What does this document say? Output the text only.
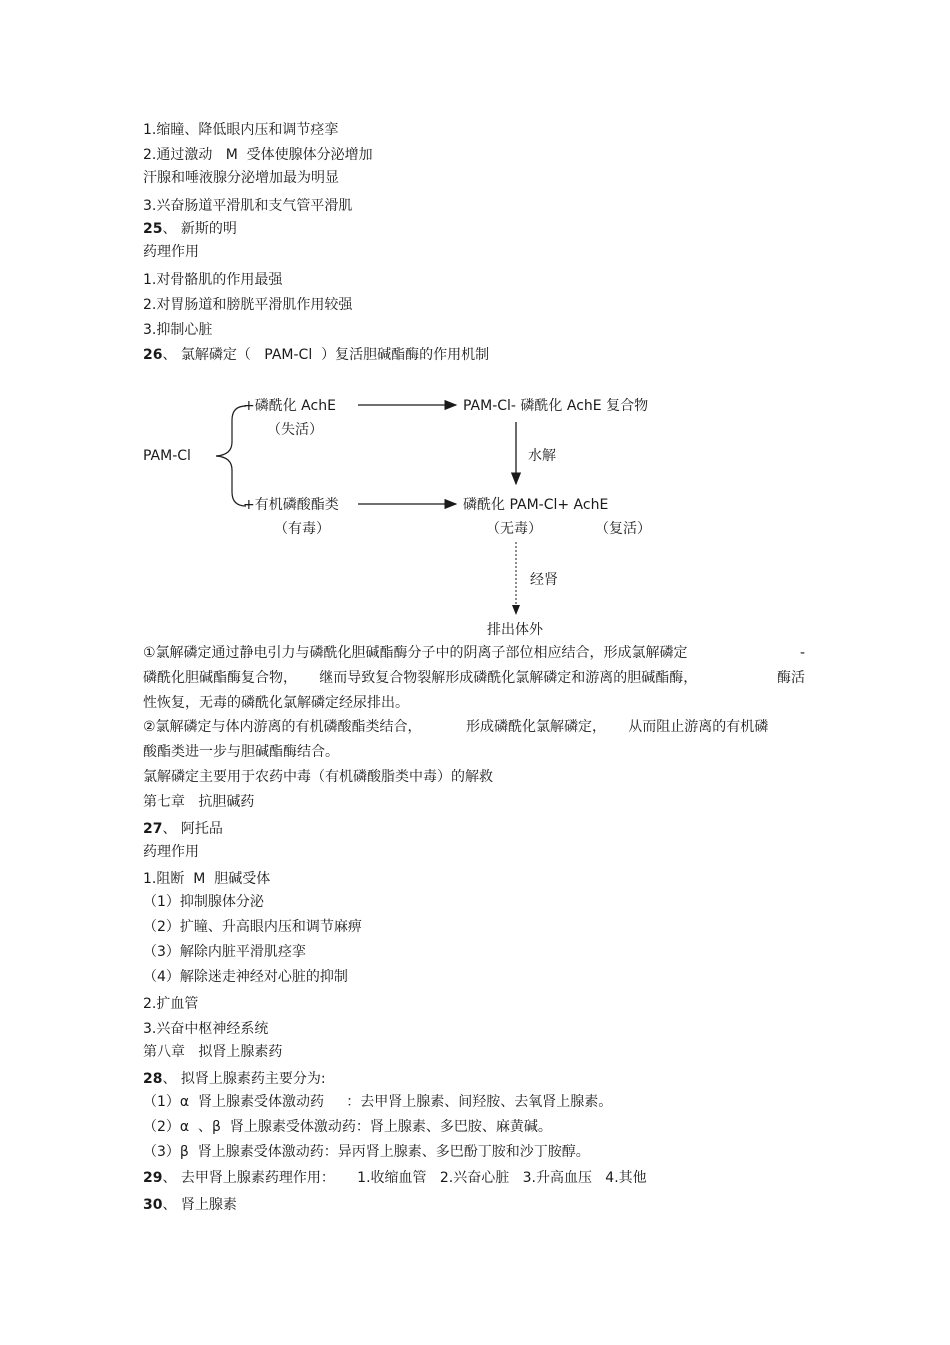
1.缩瞳、降低眼内压和调节痉挛
2.通过激动   M  受体使腺体分泌增加
汗腺和唾液腺分泌增加最为明显
3.兴奋肠道平滑肌和支气管平滑肌
25、 新斯的明
药理作用
1.对骨骼肌的作用最强
2.对胃肠道和膀胱平滑肌作用较强
3.抑制心脏
26、 氯解磷定（   PAM-Cl  ）复活胆碱酯酶的作用机制
PAM-Cl
+磷酰化 AchE
（失活）
PAM-Cl- 磷酰化 AchE 复合物
水解
+有机磷酸酯类
（有毒）
磷酰化 PAM-Cl+ AchE
（无毒）	（复活）
经肾
排出体外
①氯解磷定通过静电引力与磷酰化胆碱酯酶分子中的阴离子部位相应结合，形成氯解磷定	-
磷酰化胆碱酯酶复合物，     继而导致复合物裂解形成磷酰化氯解磷定和游离的胆碱酯酶，	酶活
性恢复，无毒的磷酰化氯解磷定经尿排出。
②氯解磷定与体内游离的有机磷酸酯类结合，          形成磷酰化氯解磷定，     从而阻止游离的有机磷
酸酯类进一步与胆碱酯酶结合。
氯解磷定主要用于农药中毒（有机磷酸脂类中毒）的解救
第七章   抗胆碱药
27、 阿托品
药理作用
1.阻断  M  胆碱受体
（1）抑制腺体分泌
（2）扩瞳、升高眼内压和调节麻痹
（3）解除内脏平滑肌痉挛
（4）解除迷走神经对心脏的抑制
2.扩血管
3.兴奋中枢神经系统
第八章   拟肾上腺素药
28、 拟肾上腺素药主要分为:
（1）α  肾上腺素受体激动药     ：去甲肾上腺素、间羟胺、去氧肾上腺素。
（2）α  、β  肾上腺素受体激动药：肾上腺素、多巴胺、麻黄碱。
（3）β  肾上腺素受体激动药：异丙肾上腺素、多巴酚丁胺和沙丁胺醇。
29、 去甲肾上腺素药理作用：     1.收缩血管   2.兴奋心脏   3.升高血压   4.其他
30、 肾上腺素
